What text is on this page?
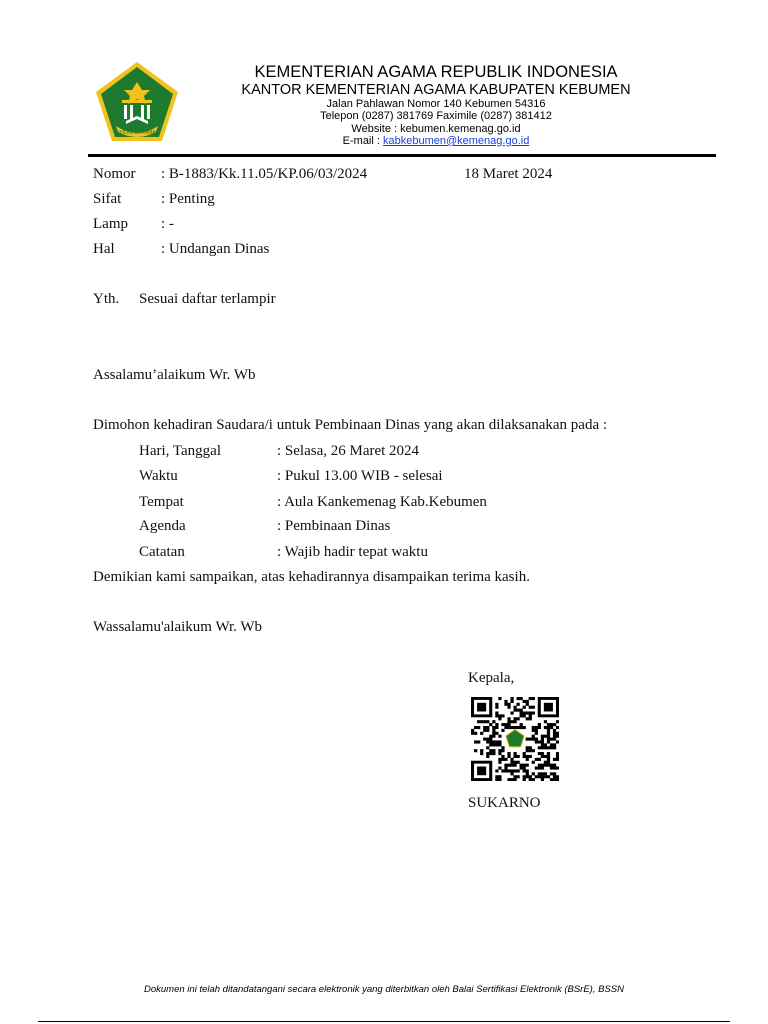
IKHLAS BERAMAL
KEMENTERIAN AGAMA REPUBLIK INDONESIA
KANTOR KEMENTERIAN AGAMA KABUPATEN KEBUMEN
Jalan Pahlawan Nomor 140 Kebumen 54316
Telepon (0287) 381769 Faximile (0287) 381412
Website : kebumen.kemenag.go.id
E-mail : kabkebumen@kemenag.go.id
Nomor : B-1883/Kk.11.05/KP.06/03/2024	18 Maret 2024
Sifat	: Penting
Lamp : -
Hal	: Undangan Dinas
Yth. Sesuai daftar terlampir
Assalamu’alaikum Wr. Wb
Dimohon kehadiran Saudara/i untuk Pembinaan Dinas yang akan dilaksanakan pada :
Hari, Tanggal	: Selasa, 26 Maret 2024
Waktu	: Pukul 13.00 WIB - selesai
Tempat	: Aula Kankemenag Kab.Kebumen
Agenda	: Pembinaan Dinas
Catatan	: Wajib hadir tepat waktu
Demikian kami sampaikan, atas kehadirannya disampaikan terima kasih.
Wassalamu'alaikum Wr. Wb
Kepala,
SUKARNO
Dokumen ini telah ditandatangani secara elektronik yang diterbitkan oleh Balai Sertifikasi Elektronik (BSrE), BSSN
